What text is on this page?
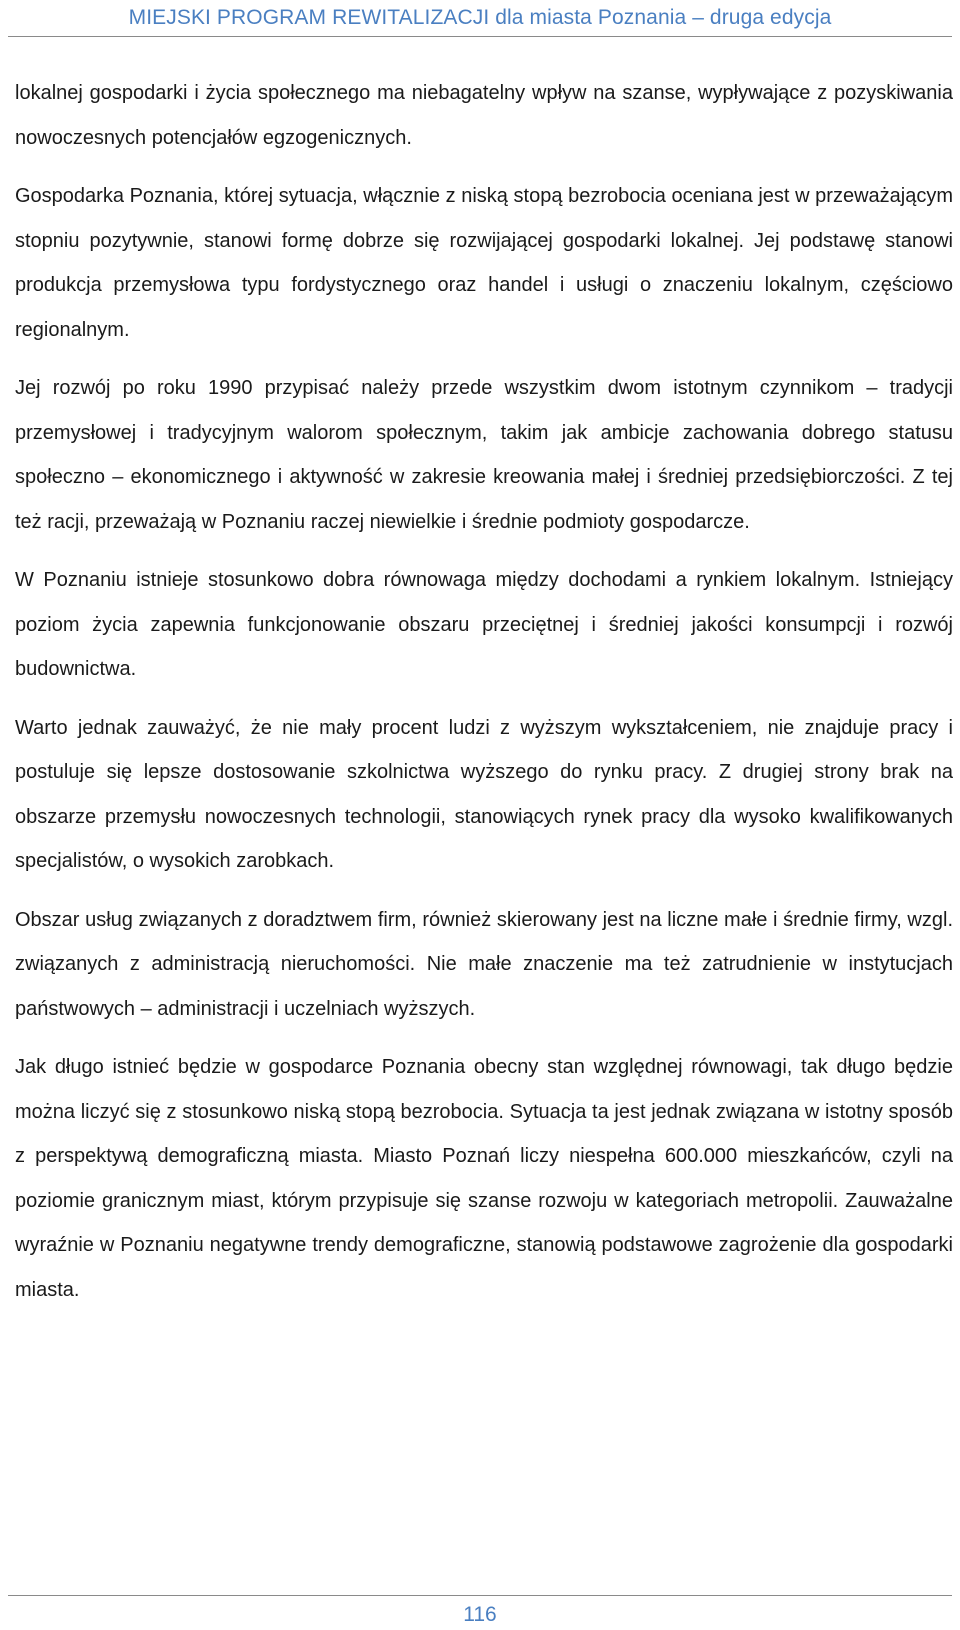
MIEJSKI PROGRAM REWITALIZACJI dla miasta Poznania – druga edycja

lokalnej gospodarki i życia społecznego ma niebagatelny wpływ na szanse, wypływające z pozyskiwania nowoczesnych potencjałów egzogenicznych.

Gospodarka Poznania, której sytuacja, włącznie z niską stopą bezrobocia oceniana jest w przeważającym stopniu pozytywnie, stanowi formę dobrze się rozwijającej gospodarki lokalnej. Jej podstawę stanowi produkcja przemysłowa typu fordystycznego oraz handel i usługi o znaczeniu lokalnym, częściowo regionalnym.

Jej rozwój po roku 1990 przypisać należy przede wszystkim dwom istotnym czynnikom – tradycji przemysłowej i tradycyjnym walorom społecznym, takim jak ambicje zachowania dobrego statusu społeczno – ekonomicznego i aktywność w zakresie kreowania małej i średniej przedsiębiorczości. Z tej też racji, przeważają w Poznaniu raczej niewielkie i średnie podmioty gospodarcze.

W Poznaniu istnieje stosunkowo dobra równowaga między dochodami a rynkiem lokalnym. Istniejący poziom życia zapewnia funkcjonowanie obszaru przeciętnej i średniej jakości konsumpcji i rozwój budownictwa.

Warto jednak zauważyć, że nie mały procent ludzi z wyższym wykształceniem, nie znajduje pracy i postuluje się lepsze dostosowanie szkolnictwa wyższego do rynku pracy. Z drugiej strony brak na obszarze przemysłu nowoczesnych technologii, stanowiących rynek pracy dla wysoko kwalifikowanych specjalistów, o wysokich zarobkach.

Obszar usług związanych z doradztwem firm, również skierowany jest na liczne małe i średnie firmy, wzgl. związanych z administracją nieruchomości. Nie małe znaczenie ma też zatrudnienie w instytucjach państwowych – administracji i uczelniach wyższych.

Jak długo istnieć będzie w gospodarce Poznania obecny stan względnej równowagi, tak długo będzie można liczyć się z stosunkowo niską stopą bezrobocia. Sytuacja ta jest jednak związana w istotny sposób z perspektywą demograficzną miasta. Miasto Poznań liczy niespełna 600.000 mieszkańców, czyli na poziomie granicznym miast, którym przypisuje się szanse rozwoju w kategoriach metropolii. Zauważalne wyraźnie w Poznaniu negatywne trendy demograficzne, stanowią podstawowe zagrożenie dla gospodarki miasta.

116
